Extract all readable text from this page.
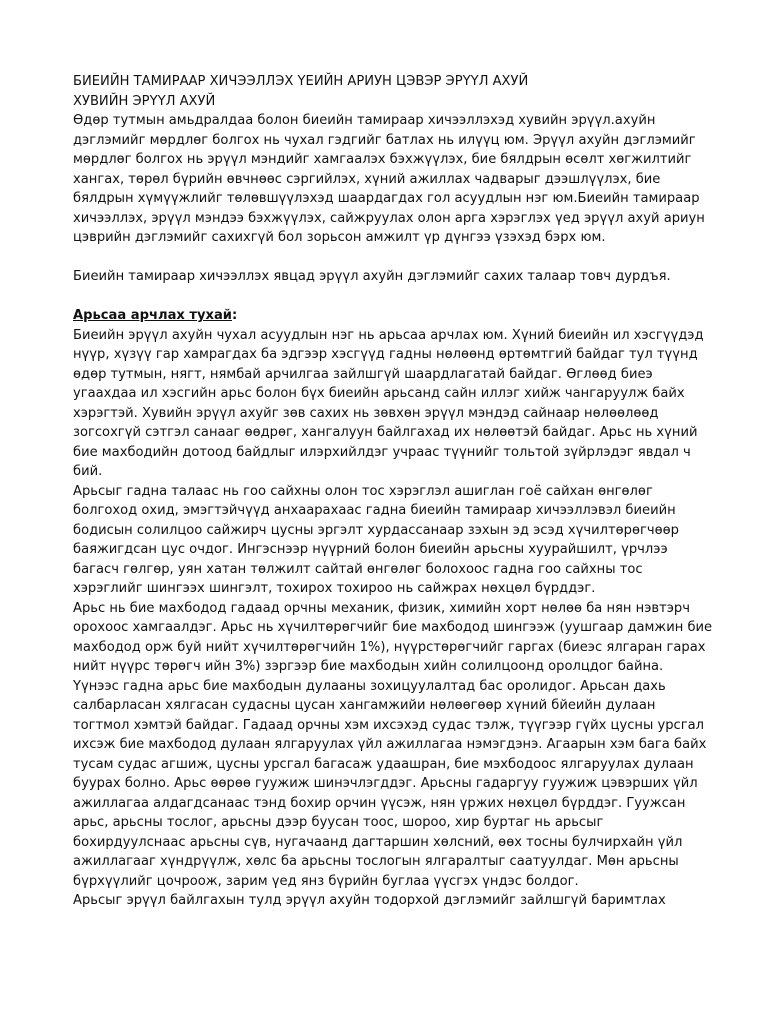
БИЕИЙН ТАМИРААР ХИЧЭЭЛЛЭХ ҮЕИЙН АРИУН ЦЭВЭР ЭРҮҮЛ АХУЙ
ХУВИЙН ЭРҮҮЛ АХУЙ

Өдөр тутмын амьдралдаа болон биеийн тамираар хичээллэхэд хувийн эрүүл.ахуйн дэглэмийг мөрдлөг болгох нь чухал гэдгийг батлах нь илүүц юм. Эрүүл ахуйн дэглэмийг мөрдлөг болгох нь эрүүл мэндийг хамгаалэх бэхжүүлэх, бие бялдрын өсөлт хөгжилтийг хангах, төрөл бүрийн өвчнөөс сэргийлэх, хүний ажиллах чадварыг дээшлүүлэх, бие бялдрын хүмүүжлийг төлөвшүүлэхэд шаардагдах гол асуудлын нэг юм.Биеийн тамираар хичээллэх, эрүүл мэндээ бэхжүүлэх, сайжруулах олон арга хэрэглэх үед эрүүл ахуй ариун цэврийн дэглэмийг сахихгүй бол зорьсон амжилт үр дүнгээ үзэхэд бэрх юм.

Биеийн тамираар хичээллэх явцад эрүүл ахуйн дэглэмийг сахих талаар товч дурдъя.

Арьсаа арчлах тухай:

Биеийн эрүүл ахуйн чухал асуудлын нэг нь арьсаа арчлах юм. Хүний биеийн ил хэсгүүдэд нүүр, хүзүү гар хамрагдах ба эдгээр хэсгүүд гадны нөлөөнд өртөмтгий байдаг тул түүнд өдөр тутмын, нягт, нямбай арчилгаа зайлшгүй шаардлагатай байдаг. Өглөөд биеэ угаахдаа ил хэсгийн арьс болон бүх биеийн арьсанд сайн иллэг хийж чангаруулж байх хэрэгтэй. Хувийн эрүүл ахуйг зөв сахих нь зөвхөн эрүүл мэндэд сайнаар нөлөөлөөд зогсохгүй сэтгэл санааг өөдрөг, хангалуун байлгахад их нөлөөтэй байдаг. Арьс нь хүний бие махбодийн дотоод байдлыг илэрхийлдэг учраас түүнийг тольтой зүйрлэдэг явдал ч бий.

Арьсыг гадна талаас нь гоо сайхны олон тос хэрэглэл ашиглан гоё сайхан өнгөлөг болгоход охид, эмэгтэйчүүд анхаарахаас гадна биеийн тамираар хичээллэвэл биеийн бодисын солилцоо сайжирч цусны эргэлт хурдассанаар зэхын эд эсэд хүчилтөрөгчөөр баяжигдсан цус очдог. Ингэснээр нүүрний болон биеийн арьсны хуурайшилт, үрчлээ багасч гөлгөр, уян хатан төлжилт сайтай өнгөлөг болохоос гадна гоо сайхны тос хэрэглийг шингээх шингэлт, тохирох тохироо нь сайжрах нөхцөл бүрддэг.

Арьс нь бие махбодод гадаад орчны механик, физик, химийн хорт нөлөө ба нян нэвтэрч орохоос хамгаалдэг. Арьс нь хүчилтөрөгчийг бие махбодод шингээж (уушгаар дамжин бие махбодод орж буй нийт хүчилтөрөгчийн 1%), нүүрстөрөгчийг гаргах (биеэс ялгаран гарах нийт нүүрс төрөгч ийн 3%) зэргээр бие махбодын хийн солилцоонд оролцдог байна. Үүнээс гадна арьс бие махбодын дулааны зохицуулалтад бас оролидог. Арьсан дахь салбарласан хялгасан судасны цусан хангамжийи нөлөөгөөр хүний бйеийн дулаан тогтмол хэмтэй байдаг. Гадаад орчны хэм ихсэхэд судас тэлж, түүгээр гүйх цусны урсгал ихсэж бие махбодод дулаан ялгаруулах үйл ажиллагаа нэмэгдэнэ. Агаарын хэм бага байх тусам судас агшиж, цусны урсгал багасаж удаашран, бие мэхбодоос ялгаруулах дулаан буурах болно. Арьс өөрөө гуужиж шинэчлэгддэг. Арьсны гадаргуу гуужиж цэвэрших үйл ажиллагаа алдагдсанаас тэнд бохир орчин үүсэж, нян үржих нөхцөл бүрддэг. Гуужсан арьс, арьсны тослог, арьсны дээр буусан тоос, шороо, хир буртаг нь арьсыг бохирдуулснаас арьсны сүв, нугачаанд дагтаршин хөлсний, өөх тосны булчирхайн үйл ажиллагааг хүндрүүлж, хөлс ба арьсны тослогын ялгаралтыг саатуулдаг. Мөн арьсны бүрхүүлийг цочроож, зарим үед янз бүрийн буглаа үүсгэх үндэс болдог.

Арьсыг эрүүл байлгахын тулд эрүүл ахуйн тодорхой дэглэмийг зайлшгүй баримтлах
